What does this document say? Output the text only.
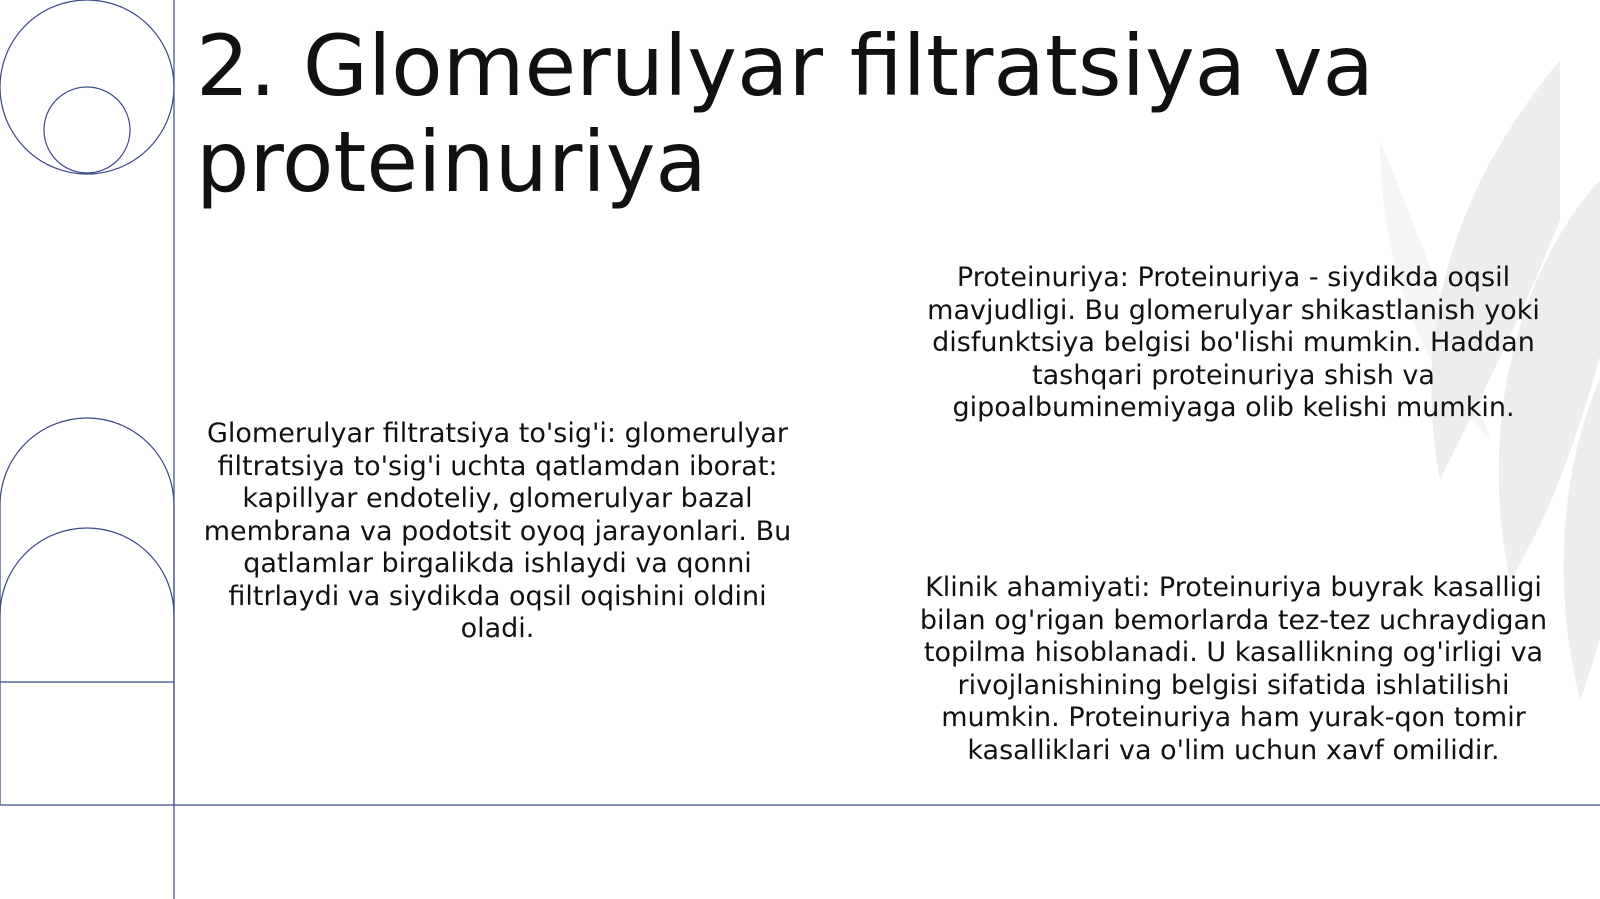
2. Glomerulyar filtratsiya va proteinuriya

Glomerulyar filtratsiya to'sig'i: glomerulyar filtratsiya to'sig'i uchta qatlamdan iborat: kapillyar endoteliy, glomerulyar bazal membrana va podotsit oyoq jarayonlari. Bu qatlamlar birgalikda ishlaydi va qonni filtrlaydi va siydikda oqsil oqishini oldini oladi.

Proteinuriya: Proteinuriya - siydikda oqsil mavjudligi. Bu glomerulyar shikastlanish yoki disfunktsiya belgisi bo'lishi mumkin. Haddan tashqari proteinuriya shish va gipoalbuminemiyaga olib kelishi mumkin.

Klinik ahamiyati: Proteinuriya buyrak kasalligi bilan og'rigan bemorlarda tez-tez uchraydigan topilma hisoblanadi. U kasallikning og'irligi va rivojlanishining belgisi sifatida ishlatilishi mumkin. Proteinuriya ham yurak-qon tomir kasalliklari va o'lim uchun xavf omilidir.
